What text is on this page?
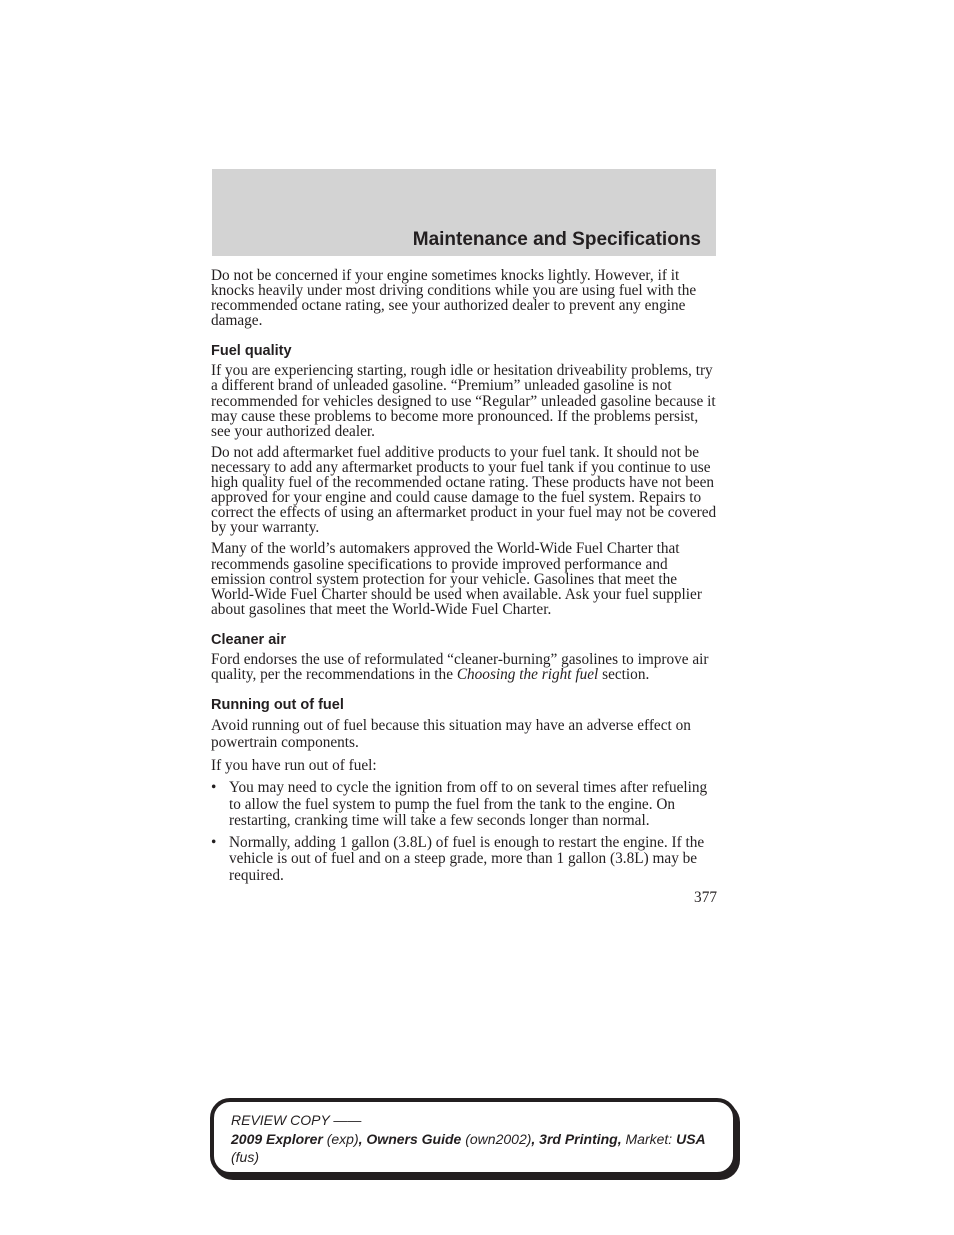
Maintenance and Specifications

Do not be concerned if your engine sometimes knocks lightly. However, if it knocks heavily under most driving conditions while you are using fuel with the recommended octane rating, see your authorized dealer to prevent any engine damage.

Fuel quality

If you are experiencing starting, rough idle or hesitation driveability problems, try a different brand of unleaded gasoline. “Premium” unleaded gasoline is not recommended for vehicles designed to use “Regular” unleaded gasoline because it may cause these problems to become more pronounced. If the problems persist, see your authorized dealer.

Do not add aftermarket fuel additive products to your fuel tank. It should not be necessary to add any aftermarket products to your fuel tank if you continue to use high quality fuel of the recommended octane rating. These products have not been approved for your engine and could cause damage to the fuel system. Repairs to correct the effects of using an aftermarket product in your fuel may not be covered by your warranty.

Many of the world’s automakers approved the World-Wide Fuel Charter that recommends gasoline specifications to provide improved performance and emission control system protection for your vehicle. Gasolines that meet the World-Wide Fuel Charter should be used when available. Ask your fuel supplier about gasolines that meet the World-Wide Fuel Charter.

Cleaner air

Ford endorses the use of reformulated “cleaner-burning” gasolines to improve air quality, per the recommendations in the Choosing the right fuel section.

Running out of fuel

Avoid running out of fuel because this situation may have an adverse effect on powertrain components.

If you have run out of fuel:

• You may need to cycle the ignition from off to on several times after refueling to allow the fuel system to pump the fuel from the tank to the engine. On restarting, cranking time will take a few seconds longer than normal.
• Normally, adding 1 gallon (3.8L) of fuel is enough to restart the engine. If the vehicle is out of fuel and on a steep grade, more than 1 gallon (3.8L) may be required.
377
REVIEW COPY ——
2009 Explorer (exp), Owners Guide (own2002), 3rd Printing, Market: USA
(fus)
